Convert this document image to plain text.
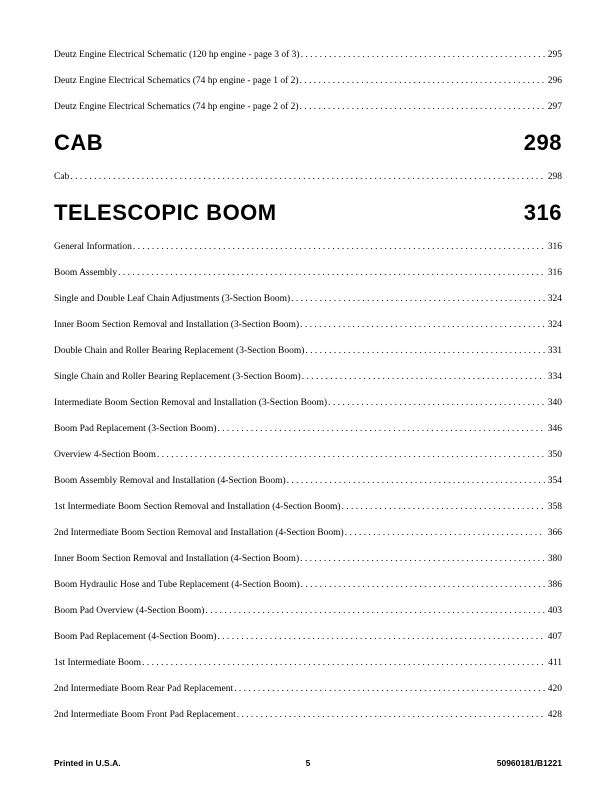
Deutz Engine Electrical Schematic (120 hp engine - page 3 of 3) . . .	295
Deutz Engine Electrical Schematics (74 hp engine - page 1 of 2) . . .	296
Deutz Engine Electrical Schematics (74 hp engine - page 2 of 2) . . .	297
CAB	298
Cab . . .	298
TELESCOPIC BOOM	316
General Information . . .	316
Boom Assembly . . .	316
Single and Double Leaf Chain Adjustments (3-Section Boom) . . .	324
Inner Boom Section Removal and Installation (3-Section Boom) . . .	324
Double Chain and Roller Bearing Replacement (3-Section Boom) . . .	331
Single Chain and Roller Bearing Replacement (3-Section Boom) . . .	334
Intermediate Boom Section Removal and Installation (3-Section Boom) . . .	340
Boom Pad Replacement (3-Section Boom) . . .	346
Overview 4-Section Boom . . .	350
Boom Assembly Removal and Installation (4-Section Boom) . . .	354
1st Intermediate Boom Section Removal and Installation (4-Section Boom) . . .	358
2nd Intermediate Boom Section Removal and Installation (4-Section Boom) . . .	366
Inner Boom Section Removal and Installation (4-Section Boom) . . .	380
Boom Hydraulic Hose and Tube Replacement (4-Section Boom) . . .	386
Boom Pad Overview (4-Section Boom) . . .	403
Boom Pad Replacement (4-Section Boom) . . .	407
1st Intermediate Boom . . .	411
2nd Intermediate Boom Rear Pad Replacement . . .	420
2nd Intermediate Boom Front Pad Replacement . . .	428
Printed in U.S.A.	5	50960181/B1221
